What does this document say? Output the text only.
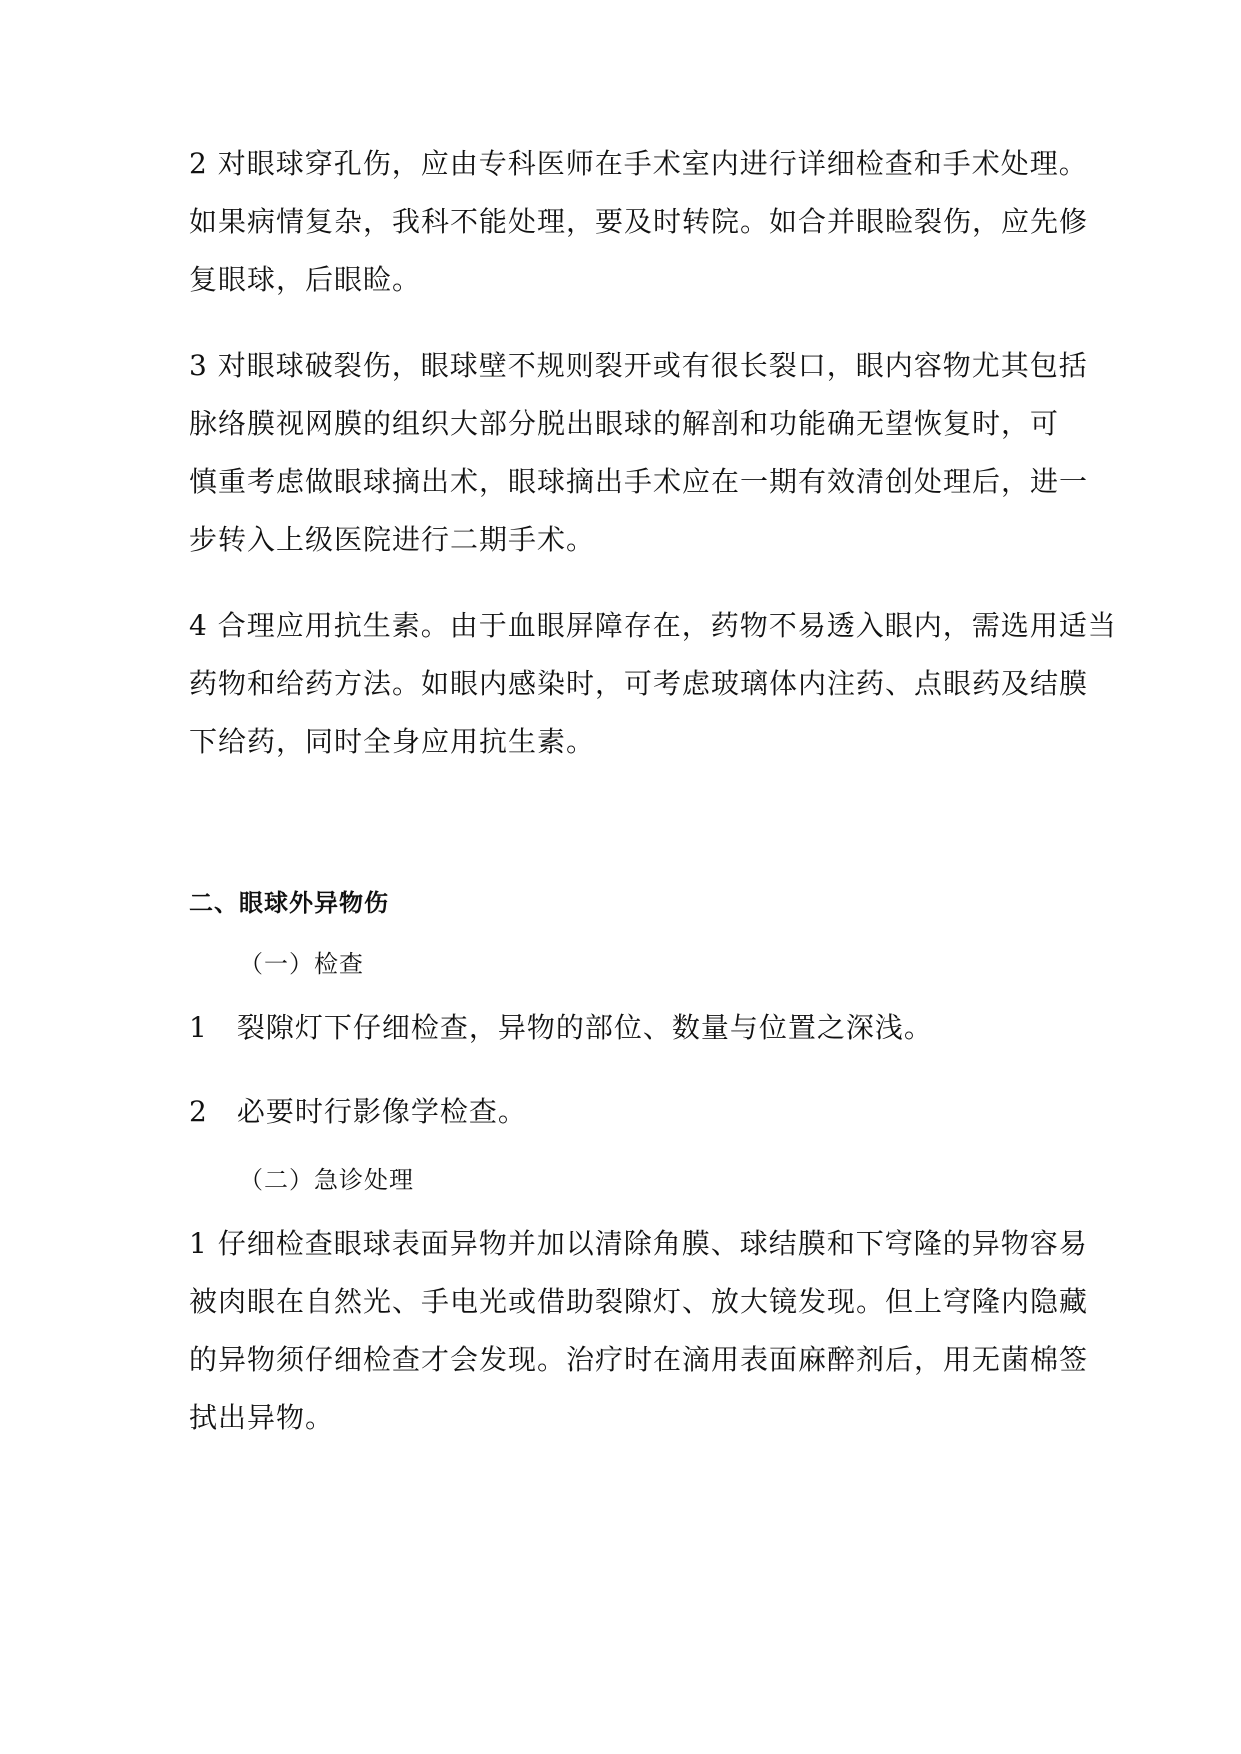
2 对眼球穿孔伤，应由专科医师在手术室内进行详细检查和手术处理。

如果病情复杂，我科不能处理，要及时转院。如合并眼睑裂伤，应先修

复眼球，后眼睑。

3 对眼球破裂伤，眼球壁不规则裂开或有很长裂口，眼内容物尤其包括

脉络膜视网膜的组织大部分脱出眼球的解剖和功能确无望恢复时，可

慎重考虑做眼球摘出术，眼球摘出手术应在一期有效清创处理后，进一

步转入上级医院进行二期手术。

4 合理应用抗生素。由于血眼屏障存在，药物不易透入眼内，需选用适当

药物和给药方法。如眼内感染时，可考虑玻璃体内注药、点眼药及结膜

下给药，同时全身应用抗生素。

二、眼球外异物伤

（一）检查

1　裂隙灯下仔细检查，异物的部位、数量与位置之深浅。

2　必要时行影像学检查。

（二）急诊处理

1 仔细检查眼球表面异物并加以清除角膜、球结膜和下穹隆的异物容易

被肉眼在自然光、手电光或借助裂隙灯、放大镜发现。但上穹隆内隐藏

的异物须仔细检查才会发现。治疗时在滴用表面麻醉剂后，用无菌棉签

拭出异物。
